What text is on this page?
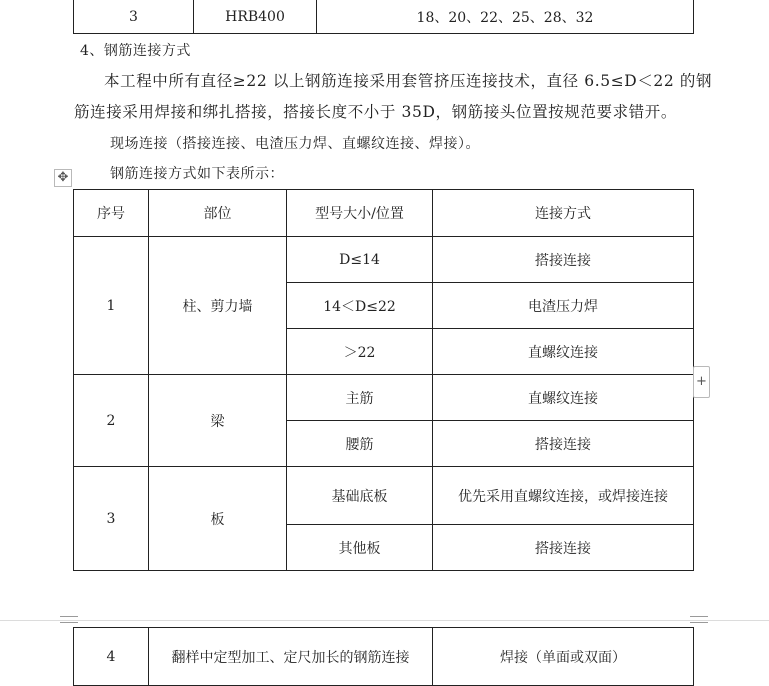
3	HRB400	18、20、22、25、28、32
4、钢筋连接方式
本工程中所有直径≥22 以上钢筋连接采用套管挤压连接技术，直径 6.5≤D＜22 的钢
筋连接采用焊接和绑扎搭接，搭接长度不小于 35D，钢筋接头位置按规范要求错开。
现场连接（搭接连接、电渣压力焊、直螺纹连接、焊接）。
钢筋连接方式如下表所示：
✥
序号	部位	型号大小/位置	连接方式
1	柱、剪力墙	D≤14	搭接连接
		14＜D≤22	电渣压力焊
		＞22	直螺纹连接
2	梁	主筋	直螺纹连接
		腰筋	搭接连接
3	板	基础底板	优先采用直螺纹连接，或焊接连接
		其他板	搭接连接
+
4	翻样中定型加工、定尺加长的钢筋连接	焊接（单面或双面）
